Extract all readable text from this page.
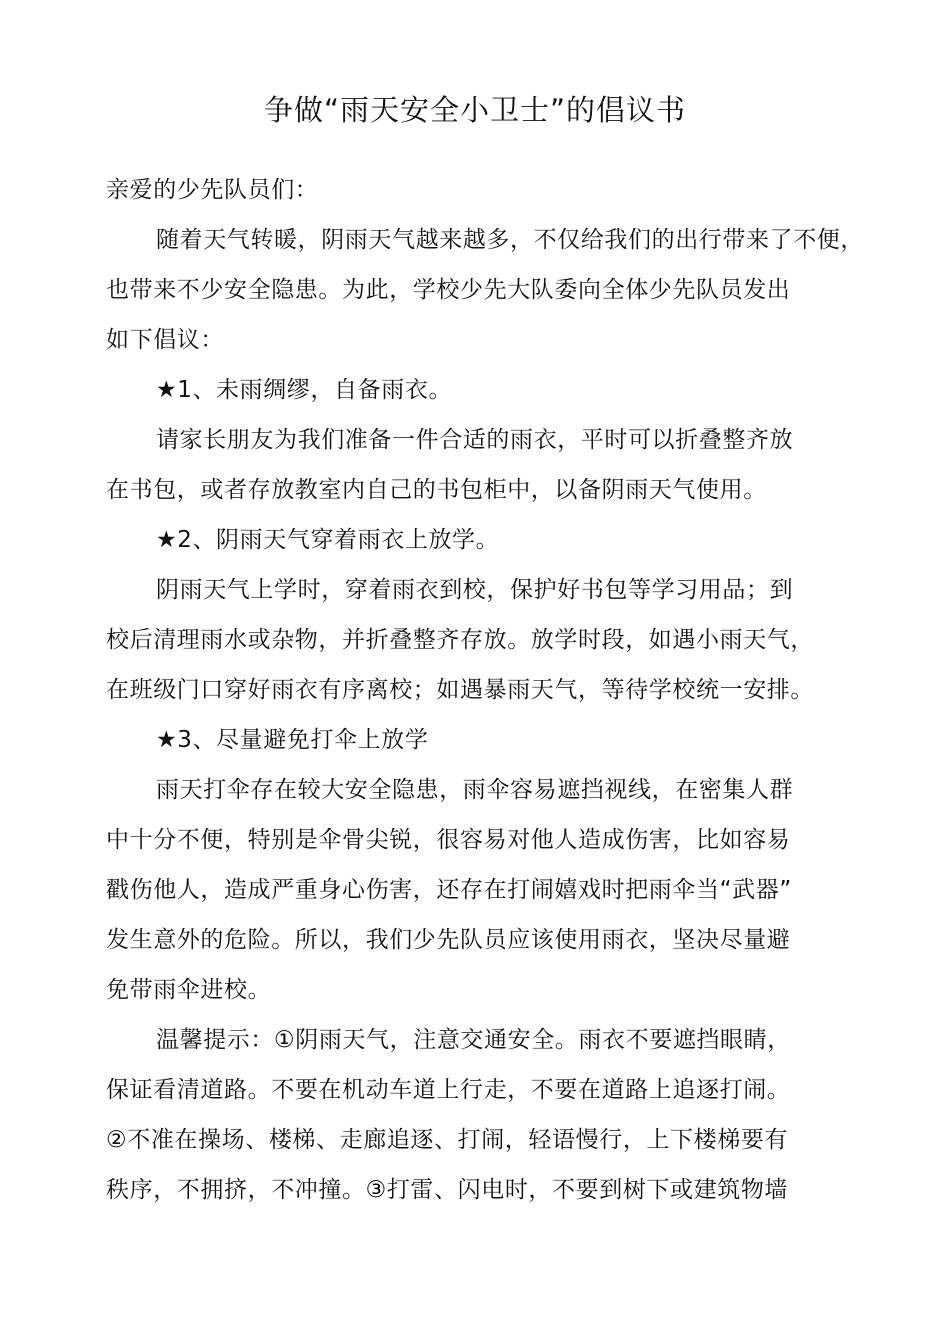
争做“雨天安全小卫士”的倡议书
亲爱的少先队员们：
随着天气转暖，阴雨天气越来越多，不仅给我们的出行带来了不便，
也带来不少安全隐患。为此，学校少先大队委向全体少先队员发出
如下倡议：
★1、未雨绸缪，自备雨衣。
请家长朋友为我们准备一件合适的雨衣，平时可以折叠整齐放
在书包，或者存放教室内自己的书包柜中，以备阴雨天气使用。
★2、阴雨天气穿着雨衣上放学。
阴雨天气上学时，穿着雨衣到校，保护好书包等学习用品；到
校后清理雨水或杂物，并折叠整齐存放。放学时段，如遇小雨天气，
在班级门口穿好雨衣有序离校；如遇暴雨天气，等待学校统一安排。
★3、尽量避免打伞上放学
雨天打伞存在较大安全隐患，雨伞容易遮挡视线，在密集人群
中十分不便，特别是伞骨尖锐，很容易对他人造成伤害，比如容易
戳伤他人，造成严重身心伤害，还存在打闹嬉戏时把雨伞当“武器”
发生意外的危险。所以，我们少先队员应该使用雨衣，坚决尽量避
免带雨伞进校。
温馨提示：①阴雨天气，注意交通安全。雨衣不要遮挡眼睛，
保证看清道路。不要在机动车道上行走，不要在道路上追逐打闹。
②不准在操场、楼梯、走廊追逐、打闹，轻语慢行，上下楼梯要有
秩序，不拥挤，不冲撞。③打雷、闪电时，不要到树下或建筑物墙
